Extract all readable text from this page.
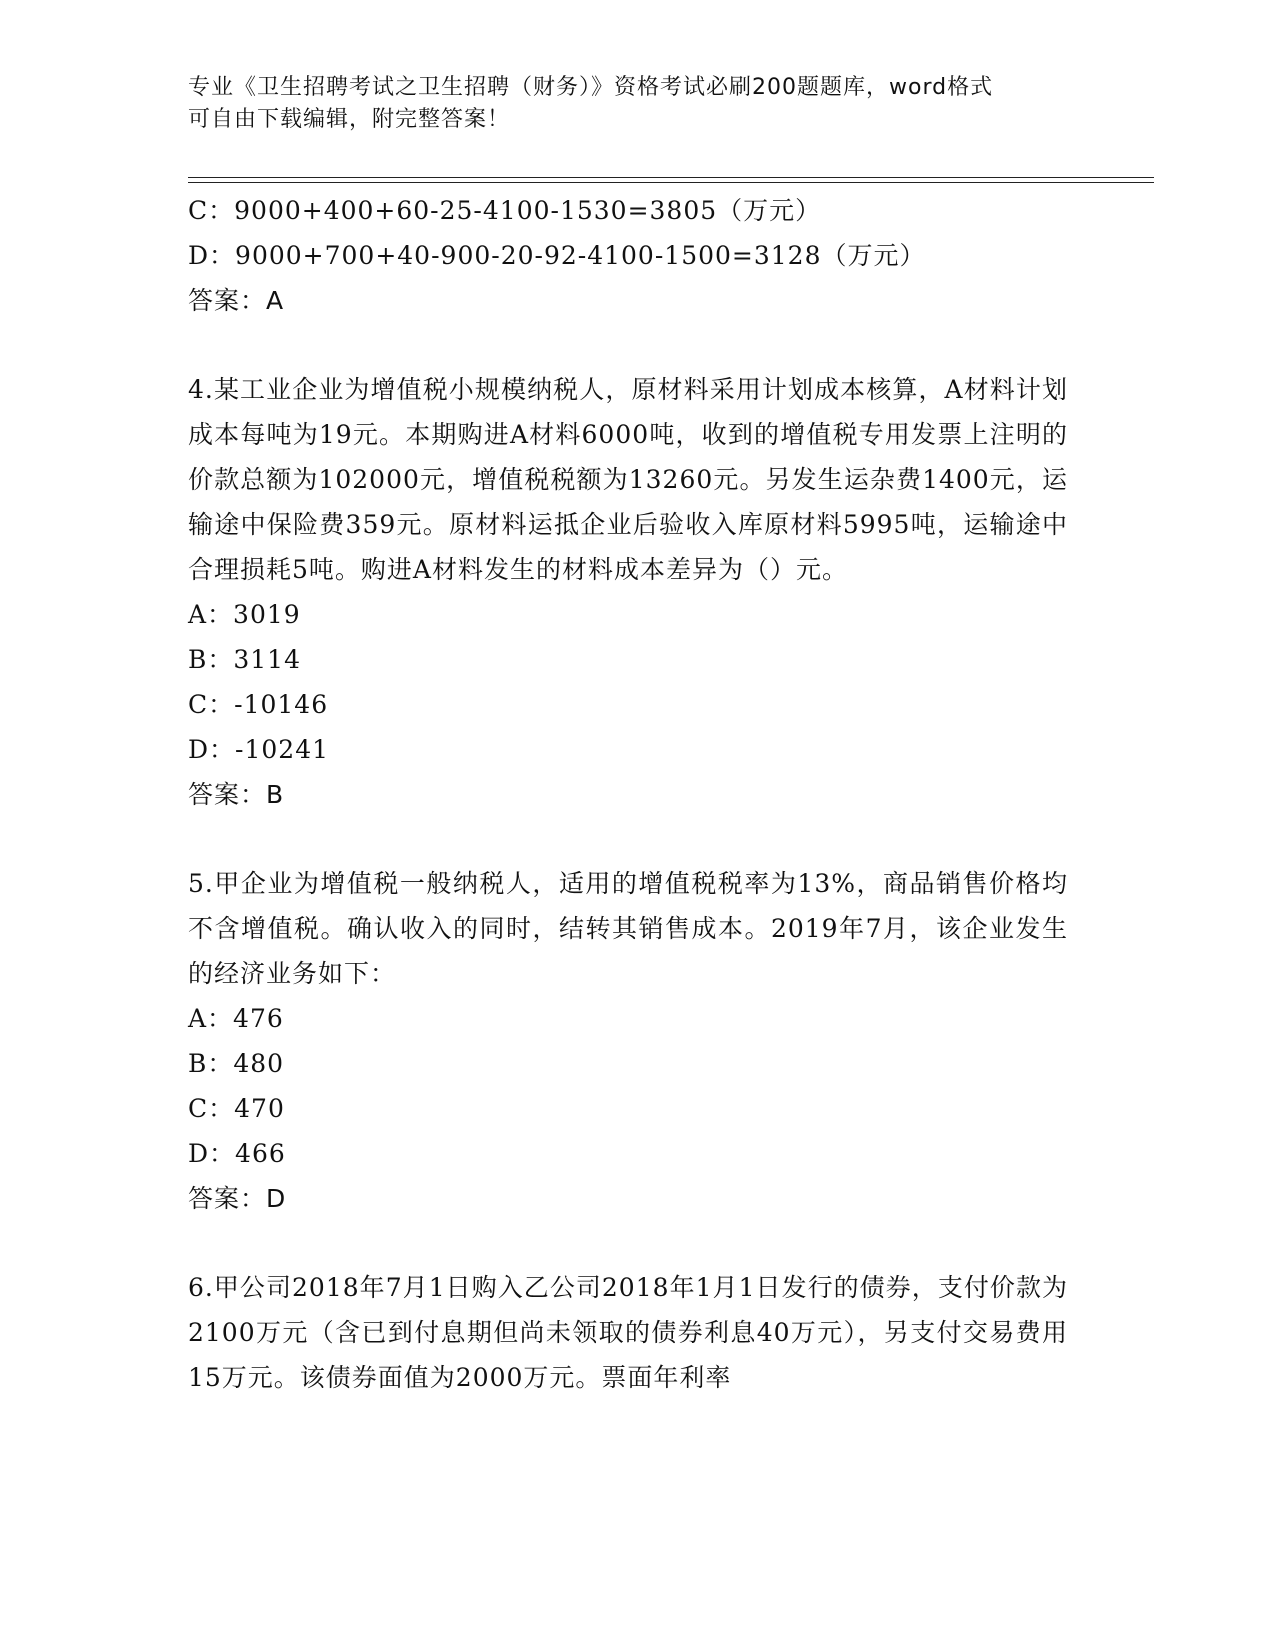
专业《卫生招聘考试之卫生招聘（财务）》资格考试必刷200题题库，word格式
可自由下载编辑，附完整答案！
C：9000+400+60-25-4100-1530=3805（万元）
D：9000+700+40-900-20-92-4100-1500=3128（万元）
答案：A
4.某工业企业为增值税小规模纳税人，原材料采用计划成本核算，A材料计划成本每吨为19元。本期购进A材料6000吨，收到的增值税专用发票上注明的价款总额为102000元，增值税税额为13260元。另发生运杂费1400元，运输途中保险费359元。原材料运抵企业后验收入库原材料5995吨，运输途中合理损耗5吨。购进A材料发生的材料成本差异为（）元。
A：3019
B：3114
C：-10146
D：-10241
答案：B
5.甲企业为增值税一般纳税人，适用的增值税税率为13%，商品销售价格均不含增值税。确认收入的同时，结转其销售成本。2019年7月，该企业发生的经济业务如下：
A：476
B：480
C：470
D：466
答案：D
6.甲公司2018年7月1日购入乙公司2018年1月1日发行的债券，支付价款为2100万元（含已到付息期但尚未领取的债券利息40万元），另支付交易费用15万元。该债券面值为2000万元。票面年利率
